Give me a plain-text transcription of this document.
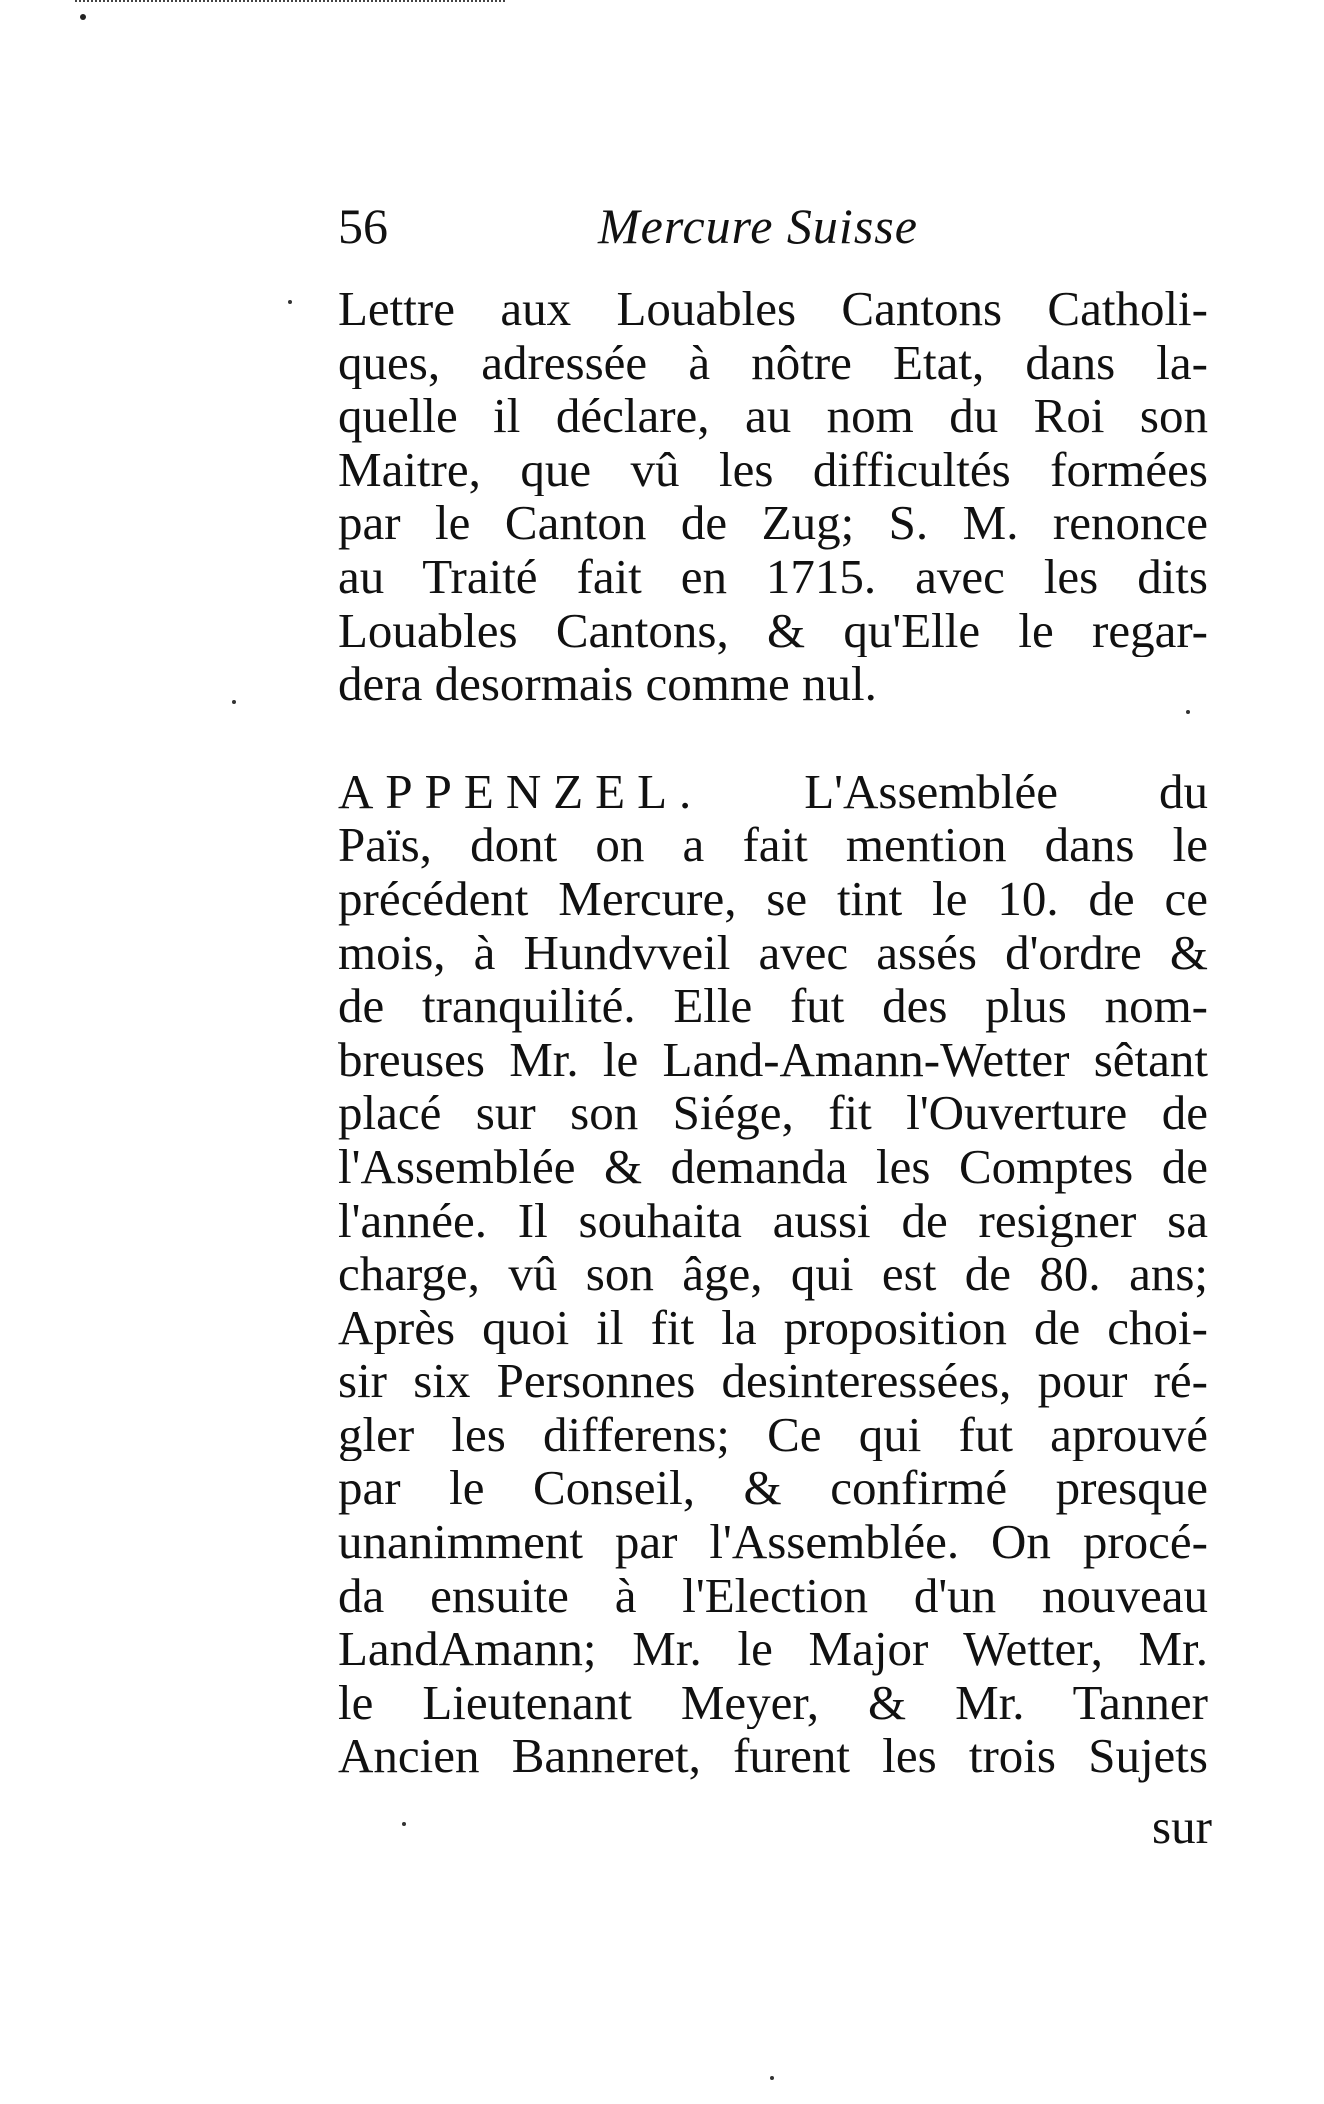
56	Mercure Suisse
Lettre aux Louables Cantons Catholi-
ques, adressée à nôtre Etat, dans la-
quelle il déclare, au nom du Roi son
Maitre, que vû les difficultés formées
par le Canton de Zug; S. M. renonce
au Traité fait en 1715. avec les dits
Louables Cantons, & qu'Elle le regar-
dera desormais comme nul.
APPENZEL. L'Assemblée du
Païs, dont on a fait mention dans le
précédent Mercure, se tint le 10. de ce
mois, à Hundvveil avec assés d'ordre &
de tranquilité. Elle fut des plus nom-
breuses Mr. le Land-Amann-Wetter sêtant
placé sur son Siége, fit l'Ouverture de
l'Assemblée & demanda les Comptes de
l'année. Il souhaita aussi de resigner sa
charge, vû son âge, qui est de 80. ans;
Après quoi il fit la proposition de choi-
sir six Personnes desinteressées, pour ré-
gler les differens; Ce qui fut aprouvé
par le Conseil, & confirmé presque
unanimment par l'Assemblée. On procé-
da ensuite à l'Election d'un nouveau
LandAmann; Mr. le Major Wetter, Mr.
le Lieutenant Meyer, & Mr. Tanner
Ancien Banneret, furent les trois Sujets
sur
